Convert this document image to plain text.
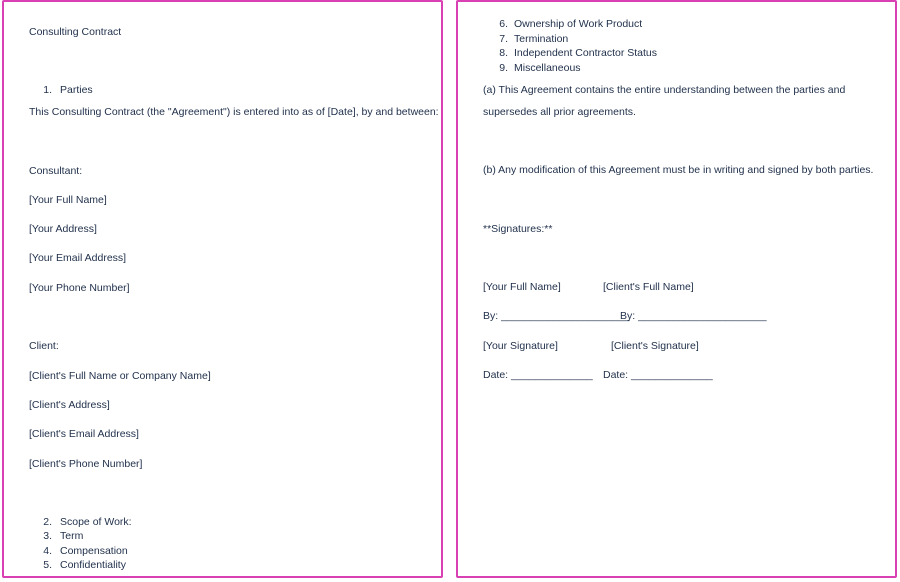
Consulting Contract
1. Parties
This Consulting Contract (the "Agreement") is entered into as of [Date], by and between:
Consultant:
[Your Full Name]
[Your Address]
[Your Email Address]
[Your Phone Number]
Client:
[Client's Full Name or Company Name]
[Client's Address]
[Client's Email Address]
[Client's Phone Number]
2. Scope of Work:
3. Term
4. Compensation
5. Confidentiality
6. Ownership of Work Product
7. Termination
8. Independent Contractor Status
9. Miscellaneous
(a) This Agreement contains the entire understanding between the parties and
supersedes all prior agreements.
(b) Any modification of this Agreement must be in writing and signed by both parties.
**Signatures:**
[Your Full Name]	[Client's Full Name]
By: ______________________
By: ______________________
[Your Signature]	[Client's Signature]
Date: ______________ Date: ______________
